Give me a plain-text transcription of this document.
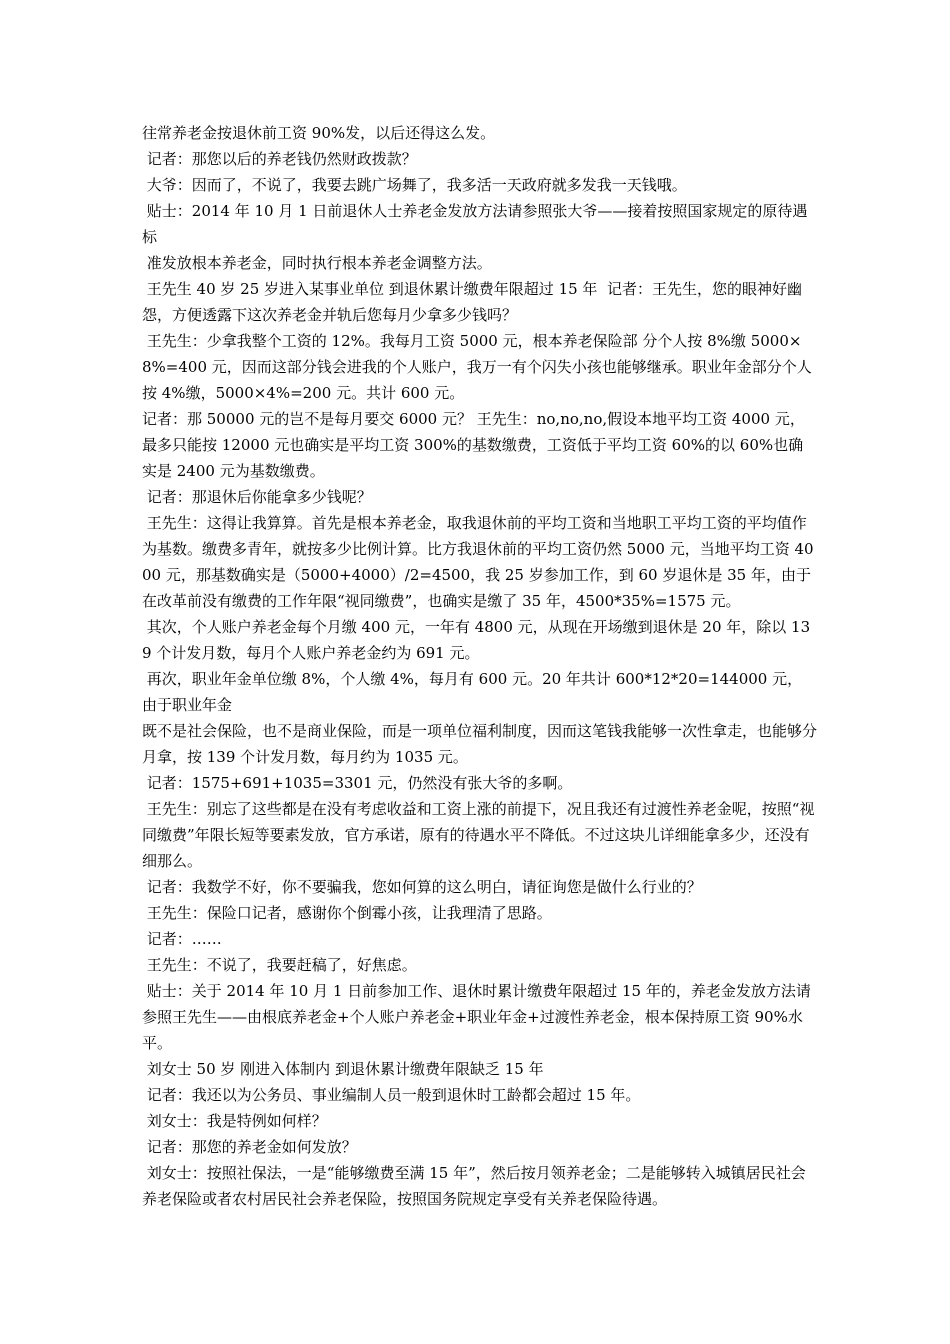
往常养老金按退休前工资 90%发，以后还得这么发。

记者：那您以后的养老钱仍然财政拨款？

大爷：因而了，不说了，我要去跳广场舞了，我多活一天政府就多发我一天钱哦。

贴士：2014 年 10 月 1 日前退休人士养老金发放方法请参照张大爷——接着按照国家规定的原待遇标

准发放根本养老金，同时执行根本养老金调整方法。

王先生 40 岁 25 岁进入某事业单位 到退休累计缴费年限超过 15 年  记者：王先生，您的眼神好幽怨，方便透露下这次养老金并轨后您每月少拿多少钱吗？

王先生：少拿我整个工资的 12%。我每月工资 5000 元，根本养老保险部 分个人按 8%缴 5000×8%=400 元，因而这部分钱会进我的个人账户，我万一有个闪失小孩也能够继承。职业年金部分个人按 4%缴，5000×4%=200 元。共计 600 元。

记者：那 50000 元的岂不是每月要交 6000 元？ 王先生：no,no,no,假设本地平均工资 4000 元，最多只能按 12000 元也确实是平均工资 300%的基数缴费，工资低于平均工资 60%的以 60%也确实是 2400 元为基数缴费。

记者：那退休后你能拿多少钱呢？

王先生：这得让我算算。首先是根本养老金，取我退休前的平均工资和当地职工平均工资的平均值作为基数。缴费多青年，就按多少比例计算。比方我退休前的平均工资仍然 5000 元，当地平均工资 4000 元，那基数确实是（5000+4000）/2=4500，我 25 岁参加工作，到 60 岁退休是 35 年，由于在改革前没有缴费的工作年限“视同缴费”，也确实是缴了 35 年，4500*35%=1575 元。

其次，个人账户养老金每个月缴 400 元，一年有 4800 元，从现在开场缴到退休是 20 年，除以 139 个计发月数，每月个人账户养老金约为 691 元。

再次，职业年金单位缴 8%，个人缴 4%，每月有 600 元。20 年共计 600*12*20=144000 元，由于职业年金

既不是社会保险，也不是商业保险，而是一项单位福利制度，因而这笔钱我能够一次性拿走，也能够分月拿，按 139 个计发月数，每月约为 1035 元。

记者：1575+691+1035=3301 元，仍然没有张大爷的多啊。

王先生：别忘了这些都是在没有考虑收益和工资上涨的前提下，况且我还有过渡性养老金呢，按照“视同缴费”年限长短等要素发放，官方承诺，原有的待遇水平不降低。不过这块儿详细能拿多少，还没有细那么。

记者：我数学不好，你不要骗我，您如何算的这么明白，请征询您是做什么行业的？

王先生：保险口记者，感谢你个倒霉小孩，让我理清了思路。

记者：……

王先生：不说了，我要赶稿了，好焦虑。

贴士：关于 2014 年 10 月 1 日前参加工作、退休时累计缴费年限超过 15 年的，养老金发放方法请参照王先生——由根底养老金+个人账户养老金+职业年金+过渡性养老金，根本保持原工资 90%水平。

刘女士 50 岁 刚进入体制内 到退休累计缴费年限缺乏 15 年

记者：我还以为公务员、事业编制人员一般到退休时工龄都会超过 15 年。

刘女士：我是特例如何样？

记者：那您的养老金如何发放？

刘女士：按照社保法，一是“能够缴费至满 15 年”，然后按月领养老金；二是能够转入城镇居民社会养老保险或者农村居民社会养老保险，按照国务院规定享受有关养老保险待遇。
